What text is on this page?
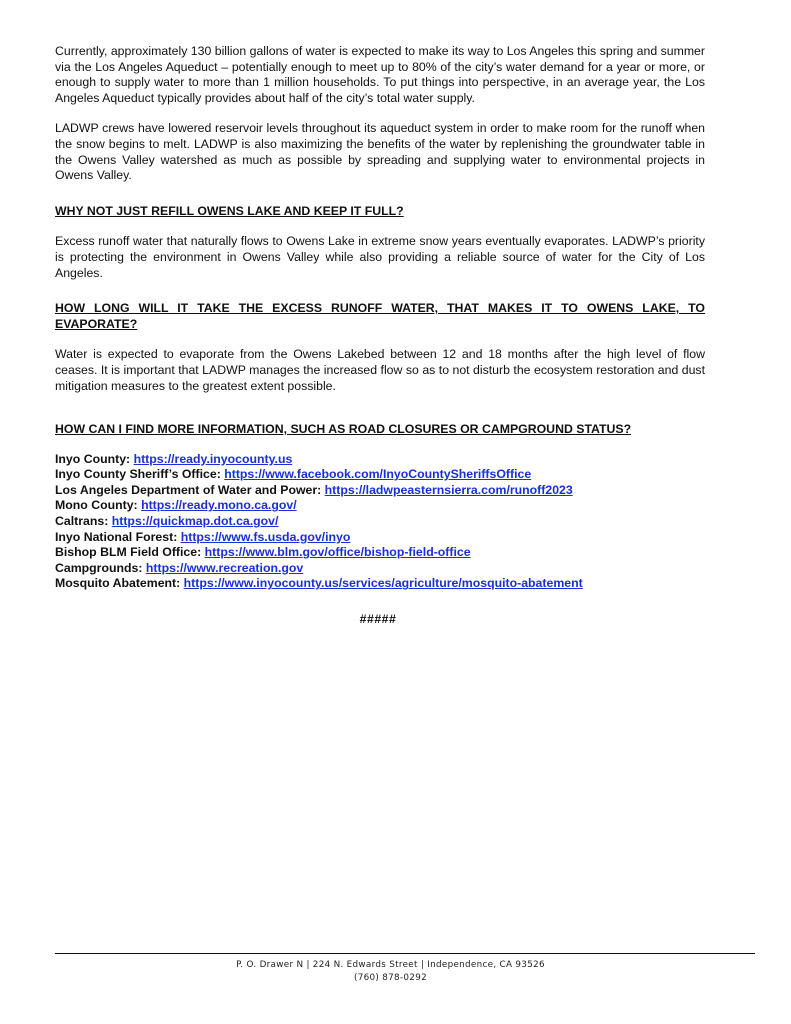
Currently, approximately 130 billion gallons of water is expected to make its way to Los Angeles this spring and summer via the Los Angeles Aqueduct – potentially enough to meet up to 80% of the city’s water demand for a year or more, or enough to supply water to more than 1 million households. To put things into perspective, in an average year, the Los Angeles Aqueduct typically provides about half of the city’s total water supply.

LADWP crews have lowered reservoir levels throughout its aqueduct system in order to make room for the runoff when the snow begins to melt. LADWP is also maximizing the benefits of the water by replenishing the groundwater table in the Owens Valley watershed as much as possible by spreading and supplying water to environmental projects in Owens Valley.

WHY NOT JUST REFILL OWENS LAKE AND KEEP IT FULL?

Excess runoff water that naturally flows to Owens Lake in extreme snow years eventually evaporates. LADWP’s priority is protecting the environment in Owens Valley while also providing a reliable source of water for the City of Los Angeles.

HOW LONG WILL IT TAKE THE EXCESS RUNOFF WATER, THAT MAKES IT TO OWENS LAKE, TO EVAPORATE?

Water is expected to evaporate from the Owens Lakebed between 12 and 18 months after the high level of flow ceases. It is important that LADWP manages the increased flow so as to not disturb the ecosystem restoration and dust mitigation measures to the greatest extent possible.

HOW CAN I FIND MORE INFORMATION, SUCH AS ROAD CLOSURES OR CAMPGROUND STATUS?
Inyo County: https://ready.inyocounty.us
Inyo County Sheriff’s Office: https://www.facebook.com/InyoCountySheriffsOffice
Los Angeles Department of Water and Power: https://ladwpeasternsierra.com/runoff2023
Mono County: https://ready.mono.ca.gov/
Caltrans: https://quickmap.dot.ca.gov/
Inyo National Forest: https://www.fs.usda.gov/inyo
Bishop BLM Field Office: https://www.blm.gov/office/bishop-field-office
Campgrounds: https://www.recreation.gov
Mosquito Abatement: https://www.inyocounty.us/services/agriculture/mosquito-abatement
#####
P. O. Drawer N | 224 N. Edwards Street | Independence, CA 93526
(760) 878-0292
